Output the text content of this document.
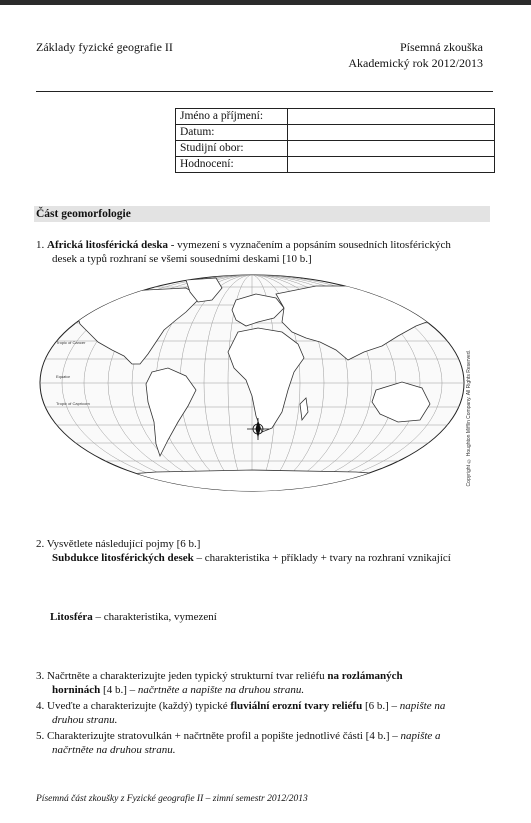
Základy fyzické geografie II	Písemná zkouška
Akademický rok 2012/2013
Jméno a příjmení:	
Datum:	
Studijní obor:	
Hodnocení:	
Část geomorfologie
1. Africká litosférická deska - vymezení s vyznačením a popsáním sousedních litosférických
desek a typů rozhraní se všemi sousedními deskami [10 b.]
Tropic of Cancer
Equator
Tropic of Capricorn	Copyright © Houghton Mifflin Company. All Rights Reserved.
2. Vysvětlete následující pojmy [6 b.]
Subdukce litosférických desek – charakteristika + příklady + tvary na rozhraní vznikající
Litosféra – charakteristika, vymezení
3. Načrtněte a charakterizujte jeden typický strukturní tvar reliéfu na rozlámaných
horninách [4 b.] – načrtněte a napište na druhou stranu.
4. Uveďte a charakterizujte (každý) typické fluviální erozní tvary reliéfu [6 b.] – napište na
druhou stranu.
5. Charakterizujte stratovulkán + načrtněte profil a popište jednotlivé části [4 b.] – napište a
načrtněte na druhou stranu.
Písemná část zkoušky z Fyzické geografie II – zimní semestr 2012/2013
